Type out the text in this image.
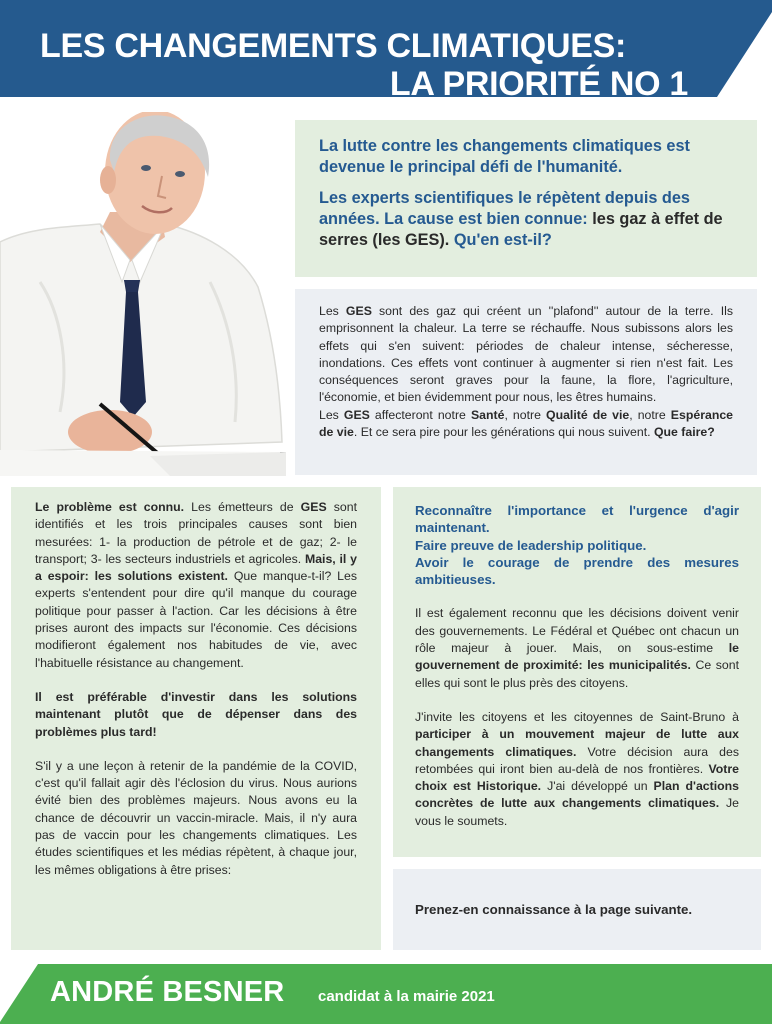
LES CHANGEMENTS CLIMATIQUES:
LA PRIORITÉ NO 1

La lutte contre les changements climatiques est devenue le principal défi de l'humanité.

Les experts scientifiques le répètent depuis des années. La cause est bien connue: les gaz à effet de serres (les GES). Qu'en est-il?

Les GES sont des gaz qui créent un ''plafond'' autour de la terre. Ils emprisonnent la chaleur. La terre se réchauffe. Nous subissons alors les effets qui s'en suivent: périodes de chaleur intense, sécheresse, inondations. Ces effets vont continuer à augmenter si rien n'est fait. Les conséquences seront graves pour la faune, la flore, l'agriculture, l'économie, et bien évidemment pour nous, les êtres humains.

Les GES affecteront notre Santé, notre Qualité de vie, notre Espérance de vie. Et ce sera pire pour les générations qui nous suivent. Que faire?

Le problème est connu. Les émetteurs de GES sont identifiés et les trois principales causes sont bien mesurées: 1- la production de pétrole et de gaz; 2- le transport; 3- les secteurs industriels et agricoles. Mais, il y a espoir: les solutions existent. Que manque-t-il? Les experts s'entendent pour dire qu'il manque du courage politique pour passer à l'action. Car les décisions à être prises auront des impacts sur l'économie. Ces décisions modifieront également nos habitudes de vie, avec l'habituelle résistance au changement.

Il est préférable d'investir dans les solutions maintenant plutôt que de dépenser dans des problèmes plus tard!

S'il y a une leçon à retenir de la pandémie de la COVID, c'est qu'il fallait agir dès l'éclosion du virus. Nous aurions évité bien des problèmes majeurs. Nous avons eu la chance de découvrir un vaccin-miracle. Mais, il n'y aura pas de vaccin pour les changements climatiques. Les études scientifiques et les médias répètent, à chaque jour, les mêmes obligations à être prises:

Reconnaître l'importance et l'urgence d'agir maintenant.
Faire preuve de leadership politique.
Avoir le courage de prendre des mesures ambitieuses.

Il est également reconnu que les décisions doivent venir des gouvernements. Le Fédéral et Québec ont chacun un rôle majeur à jouer. Mais, on sous-estime le gouvernement de proximité: les municipalités. Ce sont elles qui sont le plus près des citoyens.

J'invite les citoyens et les citoyennes de Saint-Bruno à participer à un mouvement majeur de lutte aux changements climatiques. Votre décision aura des retombées qui iront bien au-delà de nos frontières. Votre choix est Historique. J'ai développé un Plan d'actions concrètes de lutte aux changements climatiques. Je vous le soumets.

Prenez-en connaissance à la page suivante.
ANDRÉ BESNER candidat à la mairie 2021
